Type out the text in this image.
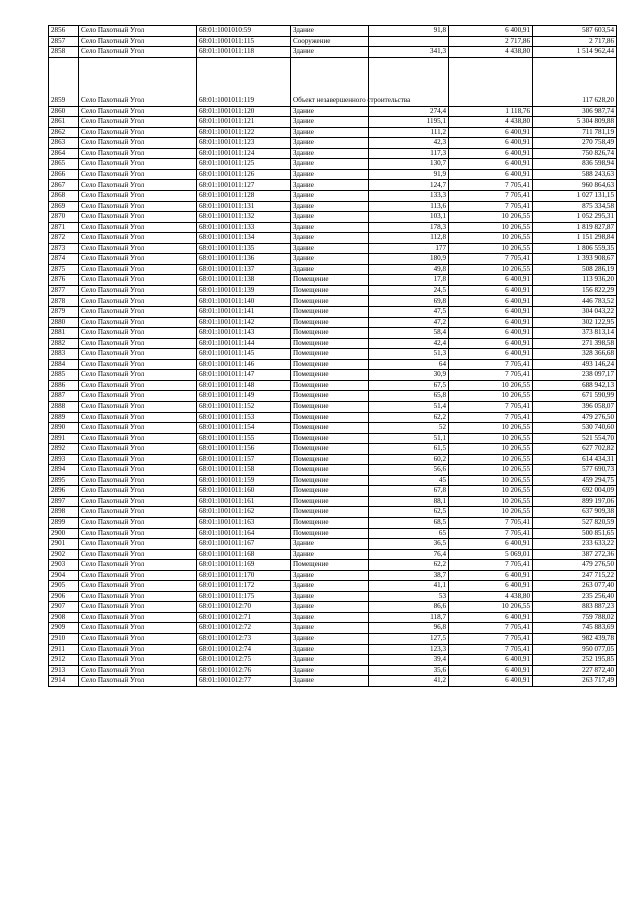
2856	Село Пахотный Угол	68:01:1001010:59	Здание	91,8	6 400,91	587 603,54
2857	Село Пахотный Угол	68:01:1001011:115	Сооружение		2 717,86	2 717,86
2858	Село Пахотный Угол	68:01:1001011:118	Здание	341,3	4 438,80	1 514 962,44
2859	Село Пахотный Угол	68:01:1001011:119	Объект незавершенного строительства			117 628,20
2860	Село Пахотный Угол	68:01:1001011:120	Здание	274,4	1 118,76	306 987,74
2861	Село Пахотный Угол	68:01:1001011:121	Здание	1195,1	4 438,80	5 304 809,88
2862	Село Пахотный Угол	68:01:1001011:122	Здание	111,2	6 400,91	711 781,19
2863	Село Пахотный Угол	68:01:1001011:123	Здание	42,3	6 400,91	270 758,49
2864	Село Пахотный Угол	68:01:1001011:124	Здание	117,3	6 400,91	750 826,74
2865	Село Пахотный Угол	68:01:1001011:125	Здание	130,7	6 400,91	836 598,94
2866	Село Пахотный Угол	68:01:1001011:126	Здание	91,9	6 400,91	588 243,63
2867	Село Пахотный Угол	68:01:1001011:127	Здание	124,7	7 705,41	960 864,63
2868	Село Пахотный Угол	68:01:1001011:128	Здание	133,3	7 705,41	1 027 131,15
2869	Село Пахотный Угол	68:01:1001011:131	Здание	113,6	7 705,41	875 334,58
2870	Село Пахотный Угол	68:01:1001011:132	Здание	103,1	10 206,55	1 052 295,31
2871	Село Пахотный Угол	68:01:1001011:133	Здание	178,3	10 206,55	1 819 827,87
2872	Село Пахотный Угол	68:01:1001011:134	Здание	112,8	10 206,55	1 151 298,84
2873	Село Пахотный Угол	68:01:1001011:135	Здание	177	10 206,55	1 806 559,35
2874	Село Пахотный Угол	68:01:1001011:136	Здание	180,9	7 705,41	1 393 908,67
2875	Село Пахотный Угол	68:01:1001011:137	Здание	49,8	10 206,55	508 286,19
2876	Село Пахотный Угол	68:01:1001011:138	Помещение	17,8	6 400,91	113 936,20
2877	Село Пахотный Угол	68:01:1001011:139	Помещение	24,5	6 400,91	156 822,29
2878	Село Пахотный Угол	68:01:1001011:140	Помещение	69,8	6 400,91	446 783,52
2879	Село Пахотный Угол	68:01:1001011:141	Помещение	47,5	6 400,91	304 043,22
2880	Село Пахотный Угол	68:01:1001011:142	Помещение	47,2	6 400,91	302 122,95
2881	Село Пахотный Угол	68:01:1001011:143	Помещение	58,4	6 400,91	373 813,14
2882	Село Пахотный Угол	68:01:1001011:144	Помещение	42,4	6 400,91	271 398,58
2883	Село Пахотный Угол	68:01:1001011:145	Помещение	51,3	6 400,91	328 366,68
2884	Село Пахотный Угол	68:01:1001011:146	Помещение	64	7 705,41	493 146,24
2885	Село Пахотный Угол	68:01:1001011:147	Помещение	30,9	7 705,41	238 097,17
2886	Село Пахотный Угол	68:01:1001011:148	Помещение	67,5	10 206,55	688 942,13
2887	Село Пахотный Угол	68:01:1001011:149	Помещение	65,8	10 206,55	671 590,99
2888	Село Пахотный Угол	68:01:1001011:152	Помещение	51,4	7 705,41	396 058,07
2889	Село Пахотный Угол	68:01:1001011:153	Помещение	62,2	7 705,41	479 276,50
2890	Село Пахотный Угол	68:01:1001011:154	Помещение	52	10 206,55	530 740,60
2891	Село Пахотный Угол	68:01:1001011:155	Помещение	51,1	10 206,55	521 554,70
2892	Село Пахотный Угол	68:01:1001011:156	Помещение	61,5	10 206,55	627 702,82
2893	Село Пахотный Угол	68:01:1001011:157	Помещение	60,2	10 206,55	614 434,31
2894	Село Пахотный Угол	68:01:1001011:158	Помещение	56,6	10 206,55	577 690,73
2895	Село Пахотный Угол	68:01:1001011:159	Помещение	45	10 206,55	459 294,75
2896	Село Пахотный Угол	68:01:1001011:160	Помещение	67,8	10 206,55	692 004,09
2897	Село Пахотный Угол	68:01:1001011:161	Помещение	88,1	10 206,55	899 197,06
2898	Село Пахотный Угол	68:01:1001011:162	Помещение	62,5	10 206,55	637 909,38
2899	Село Пахотный Угол	68:01:1001011:163	Помещение	68,5	7 705,41	527 820,59
2900	Село Пахотный Угол	68:01:1001011:164	Помещение	65	7 705,41	500 851,65
2901	Село Пахотный Угол	68:01:1001011:167	Здание	36,5	6 400,91	233 633,22
2902	Село Пахотный Угол	68:01:1001011:168	Здание	76,4	5 069,01	387 272,36
2903	Село Пахотный Угол	68:01:1001011:169	Помещение	62,2	7 705,41	479 276,50
2904	Село Пахотный Угол	68:01:1001011:170	Здание	38,7	6 400,91	247 715,22
2905	Село Пахотный Угол	68:01:1001011:172	Здание	41,1	6 400,91	263 077,40
2906	Село Пахотный Угол	68:01:1001011:175	Здание	53	4 438,80	235 256,40
2907	Село Пахотный Угол	68:01:1001012:70	Здание	86,6	10 206,55	883 887,23
2908	Село Пахотный Угол	68:01:1001012:71	Здание	118,7	6 400,91	759 788,02
2909	Село Пахотный Угол	68:01:1001012:72	Здание	96,8	7 705,41	745 883,69
2910	Село Пахотный Угол	68:01:1001012:73	Здание	127,5	7 705,41	982 439,78
2911	Село Пахотный Угол	68:01:1001012:74	Здание	123,3	7 705,41	950 077,05
2912	Село Пахотный Угол	68:01:1001012:75	Здание	39,4	6 400,91	252 195,85
2913	Село Пахотный Угол	68:01:1001012:76	Здание	35,6	6 400,91	227 872,40
2914	Село Пахотный Угол	68:01:1001012:77	Здание	41,2	6 400,91	263 717,49
